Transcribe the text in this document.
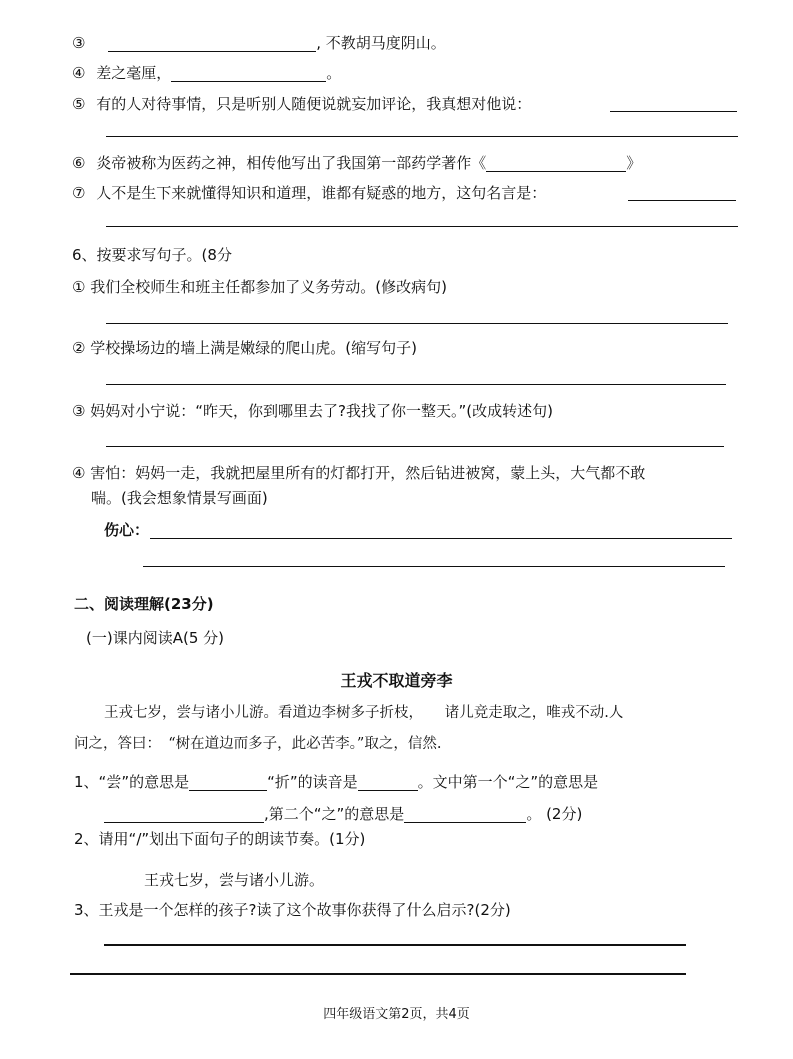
③	, 不教胡马度阴山。
④ 差之毫厘，	。
⑤ 有的人对待事情，只是听别人随便说就妄加评论，我真想对他说：
⑥ 炎帝被称为医药之神，相传他写出了我国第一部药学著作《	》
⑦ 人不是生下来就懂得知识和道理，谁都有疑惑的地方，这句名言是：
6、按要求写句子。(8分
① 我们全校师生和班主任都参加了义务劳动。(修改病句)
② 学校操场边的墙上满是嫩绿的爬山虎。(缩写句子)
③ 妈妈对小宁说：“昨天，你到哪里去了?我找了你一整天。”(改成转述句)
④ 害怕：妈妈一走，我就把屋里所有的灯都打开，然后钻进被窝，蒙上头，大气都不敢
喘。(我会想象情景写画面)
伤心：
二、阅读理解(23分)
(一)课内阅读A(5 分)
王戎不取道旁李
王戎七岁，尝与诸小儿游。看道边李树多子折枝，　　诸儿竞走取之，唯戎不动.人
问之，答曰：　“树在道边而多子，此必苦李。”取之，信然.
1、“尝”的意思是	“折”的读音是	。文中第一个“之”的意思是
,第二个“之”的意思是	。 (2分)
2、请用“/”划出下面句子的朗读节奏。(1分)
王戎七岁，尝与诸小儿游。
3、王戎是一个怎样的孩子?读了这个故事你获得了什么启示?(2分)
四年级语文第2页，共4页
